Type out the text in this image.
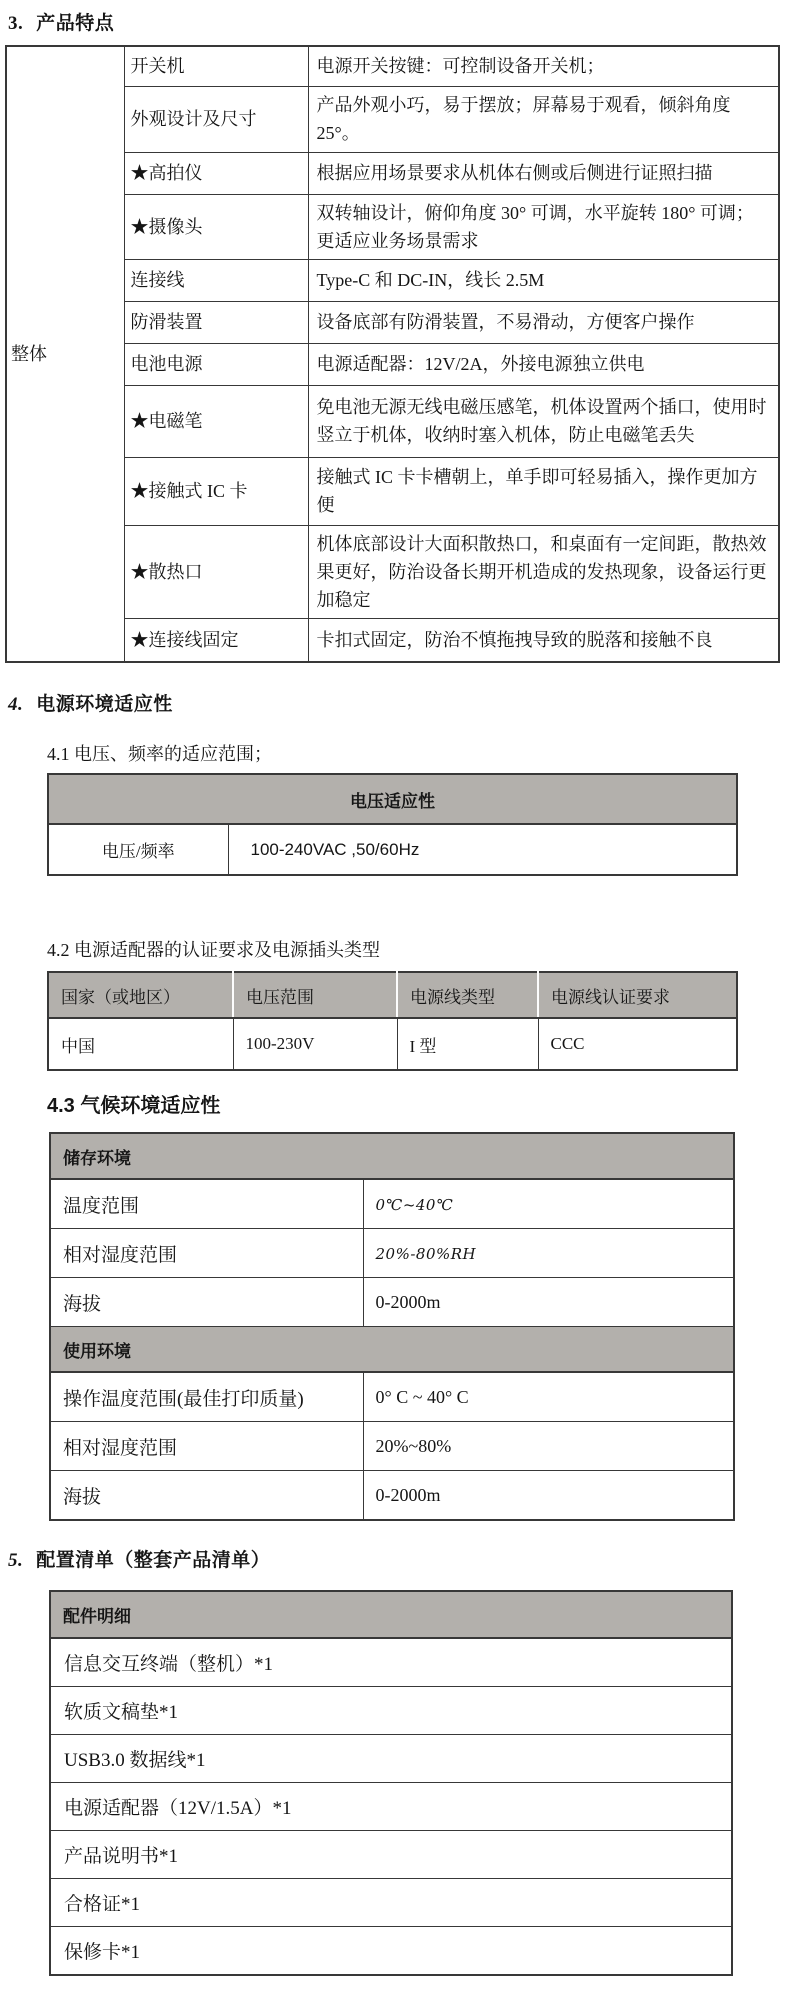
3. 产品特点
整体	开关机	电源开关按键：可控制设备开关机；
	外观设计及尺寸	产品外观小巧，易于摆放；屏幕易于观看，倾斜角度 25°。
	★高拍仪	根据应用场景要求从机体右侧或后侧进行证照扫描
	★摄像头	双转轴设计，俯仰角度 30° 可调，水平旋转 180° 可调；更适应业务场景需求
	连接线	Type-C 和 DC-IN，线长 2.5M
	防滑装置	设备底部有防滑装置，不易滑动，方便客户操作
	电池电源	电源适配器：12V/2A，外接电源独立供电
	★电磁笔	免电池无源无线电磁压感笔，机体设置两个插口，使用时竖立于机体，收纳时塞入机体，防止电磁笔丢失
	★接触式 IC 卡	接触式 IC 卡卡槽朝上，单手即可轻易插入，操作更加方便
	★散热口	机体底部设计大面积散热口，和桌面有一定间距，散热效果更好，防治设备长期开机造成的发热现象，设备运行更加稳定
	★连接线固定	卡扣式固定，防治不慎拖拽导致的脱落和接触不良
4. 电源环境适应性
4.1 电压、频率的适应范围；
电压适应性
电压/频率	100-240VAC ,50/60Hz
4.2 电源适配器的认证要求及电源插头类型
国家（或地区）	电压范围	电源线类型	电源线认证要求
中国	100-230V	I 型	CCC
4.3 气候环境适应性
储存环境	
温度范围	0℃~40℃
相对湿度范围	20%-80%RH
海拔	0-2000m
使用环境	
操作温度范围(最佳打印质量)	0° C ~ 40° C
相对湿度范围	20%~80%
海拔	0-2000m
5. 配置清单（整套产品清单）
配件明细
信息交互终端（整机）*1
软质文稿垫*1
USB3.0 数据线*1
电源适配器（12V/1.5A）*1
产品说明书*1
合格证*1
保修卡*1
